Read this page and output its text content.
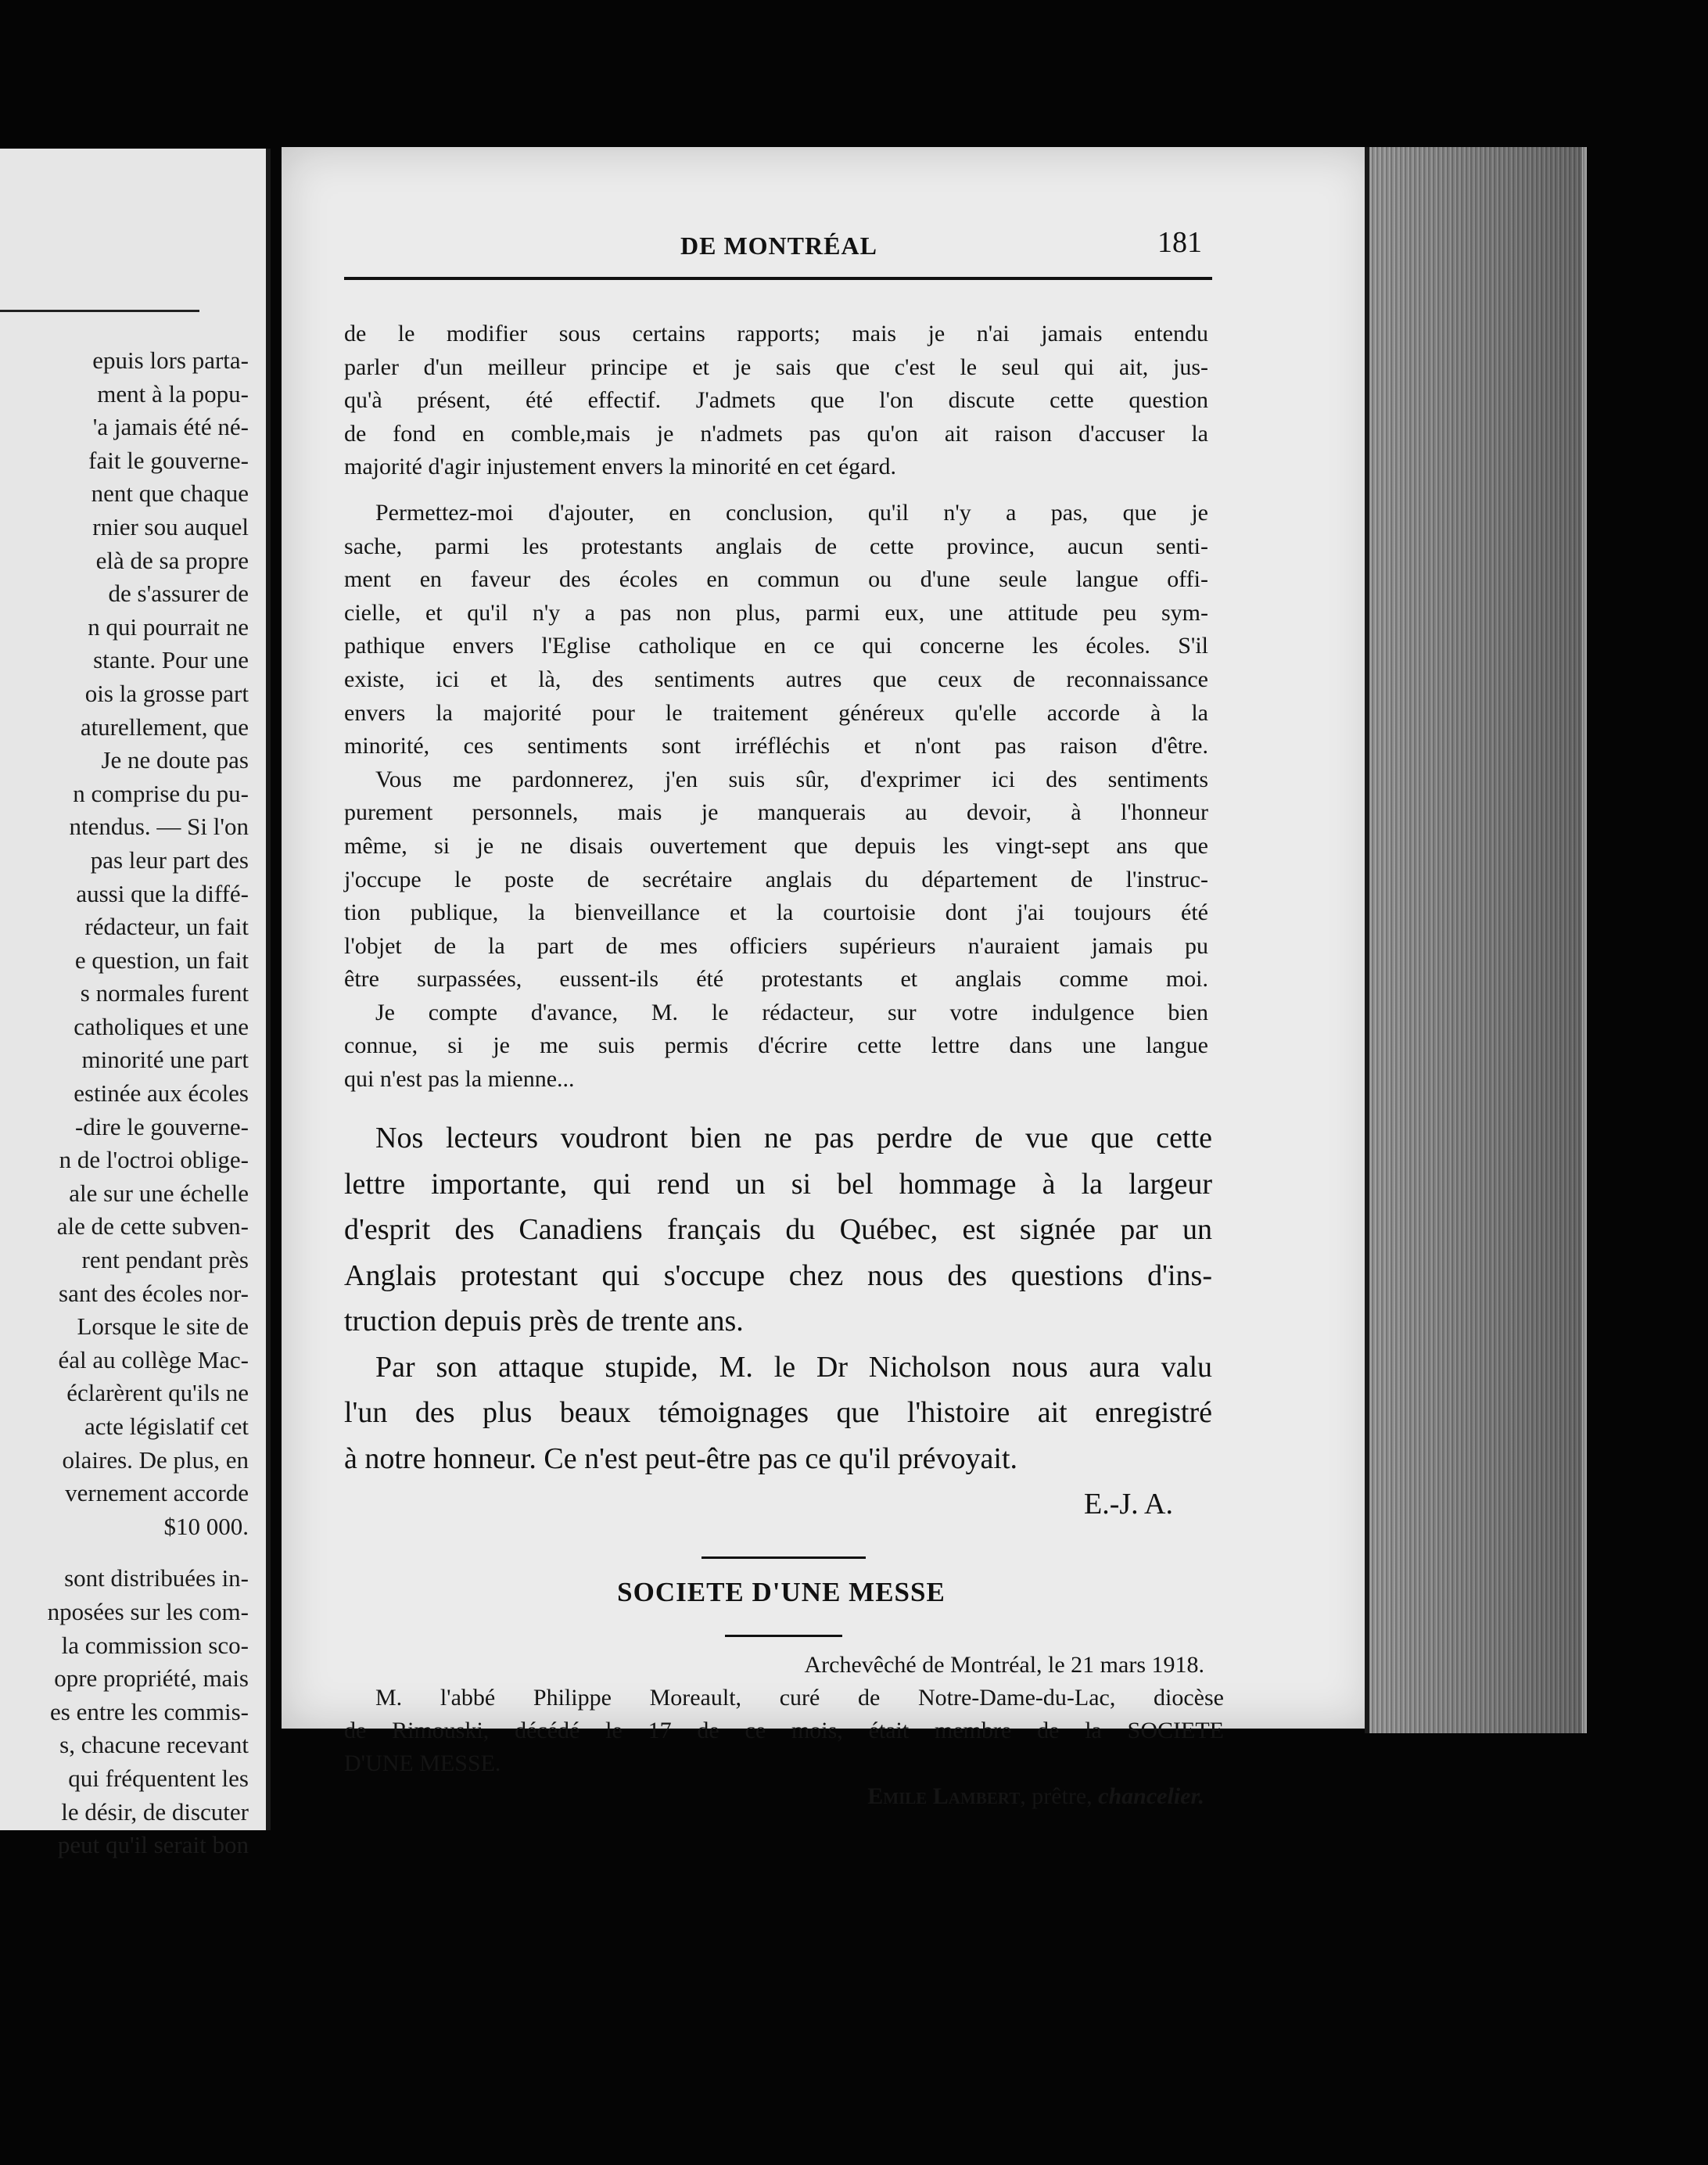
epuis lors parta-
ment à la popu-
'a jamais été né-
fait le gouverne-
nent que chaque
rnier sou auquel
elà de sa propre
de s'assurer de
n qui pourrait ne
stante. Pour une
ois la grosse part
aturellement, que
Je ne doute pas
n comprise du pu-
ntendus. — Si l'on
pas leur part des
aussi que la diffé-
rédacteur, un fait
e question, un fait
s normales furent
catholiques et une
minorité une part
estinée aux écoles
-dire le gouverne-
n de l'octroi oblige-
ale sur une échelle
ale de cette subven-
rent pendant près
sant des écoles nor-
Lorsque le site de
éal au collège Mac-
éclarèrent qu'ils ne
acte législatif cet
olaires. De plus, en
vernement accorde
$10 000.
sont distribuées in-
nposées sur les com-
la commission sco-
opre propriété, mais
es entre les commis-
s, chacune recevant
qui fréquentent les
le désir, de discuter
peut qu'il serait bon
DE MONTRÉAL	181
de le modifier sous certains rapports; mais je n'ai jamais entendu
parler d'un meilleur principe et je sais que c'est le seul qui ait, jus-
qu'à présent, été effectif. J'admets que l'on discute cette question
de fond en comble,mais je n'admets pas qu'on ait raison d'accuser la
majorité d'agir injustement envers la minorité en cet égard.
Permettez-moi d'ajouter, en conclusion, qu'il n'y a pas, que je
sache, parmi les protestants anglais de cette province, aucun senti-
ment en faveur des écoles en commun ou d'une seule langue offi-
cielle, et qu'il n'y a pas non plus, parmi eux, une attitude peu sym-
pathique envers l'Eglise catholique en ce qui concerne les écoles. S'il
existe, ici et là, des sentiments autres que ceux de reconnaissance
envers la majorité pour le traitement généreux qu'elle accorde à la
minorité, ces sentiments sont irréfléchis et n'ont pas raison d'être.
Vous me pardonnerez, j'en suis sûr, d'exprimer ici des sentiments
purement personnels, mais je manquerais au devoir, à l'honneur
même, si je ne disais ouvertement que depuis les vingt-sept ans que
j'occupe le poste de secrétaire anglais du département de l'instruc-
tion publique, la bienveillance et la courtoisie dont j'ai toujours été
l'objet de la part de mes officiers supérieurs n'auraient jamais pu
être surpassées, eussent-ils été protestants et anglais comme moi.
Je compte d'avance, M. le rédacteur, sur votre indulgence bien
connue, si je me suis permis d'écrire cette lettre dans une langue
qui n'est pas la mienne...
Nos lecteurs voudront bien ne pas perdre de vue que cette
lettre importante, qui rend un si bel hommage à la largeur
d'esprit des Canadiens français du Québec, est signée par un
Anglais protestant qui s'occupe chez nous des questions d'ins-
truction depuis près de trente ans.
Par son attaque stupide, M. le Dr Nicholson nous aura valu
l'un des plus beaux témoignages que l'histoire ait enregistré
à notre honneur. Ce n'est peut-être pas ce qu'il prévoyait.
E.-J. A.
SOCIETE D'UNE MESSE
Archevêché de Montréal, le 21 mars 1918.
M. l'abbé Philippe Moreault, curé de Notre-Dame-du-Lac, diocèse
de Rimouski, décédé le 17 de ce mois, était membre de la SOCIETE
D'UNE MESSE.
Emile Lambert, prêtre, chancelier.
